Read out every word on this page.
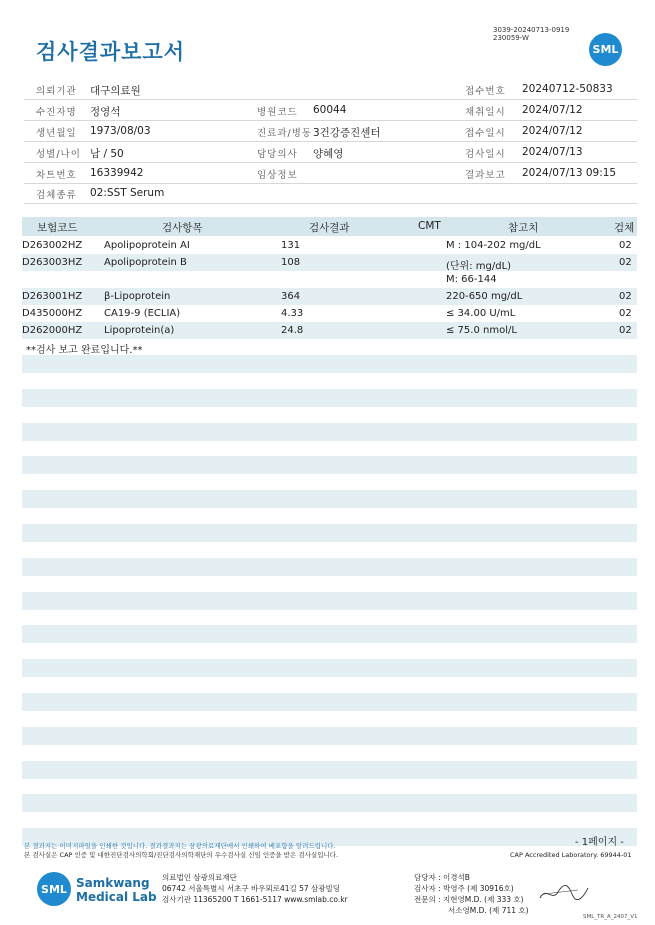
검사결과보고서
3039-20240713-0919
230059-W
SML
의뢰기관 대구의료원	접수번호 20240712-50833
수진자명 정영석	병원코드 60044	채취일시 2024/07/12
생년월일 1973/08/03	진료과/병동 3건강증진센터	접수일시 2024/07/12
성별/나이 남 / 50	담당의사 양혜영	검사일시 2024/07/13
차트번호 16339942	임상정보	결과보고 2024/07/13 09:15
검체종류 02:SST Serum
보험코드	검사항목	검사결과	CMT	참고치	검체
D263002HZ Apolipoprotein AⅠ	131	M : 104-202 mg/dL	02
D263003HZ Apolipoprotein B	108	(단위: mg/dL)	02
M: 66-144
D263001HZ β-Lipoprotein	364	220-650 mg/dL	02
D435000HZ CA19-9 (ECLIA)	4.33	≤ 34.00 U/mL	02
D262000HZ Lipoprotein(a)	24.8	≤ 75.0 nmol/L	02
**검사 보고 완료입니다.**
- 1페이지 -
본 결과지는 이미지파일을 인쇄한 것입니다. 결과결과지는 삼광의료재단에서 인쇄하여 배포함을 알려드립니다.
본 검사실은 CAP 인증 및 대한진단검사의학회/진단검사의학재단의 우수검사실 신임 인증을 받은 검사실입니다.	CAP Accredited Laboratory. 69944-01
SML Samkwang
Medical Lab
의료법인 삼광의료재단
06742 서울특별시 서초구 바우뫼로41길 57 삼광빌딩
검사기관 11365200 T 1661-5117 www.smlab.co.kr
담당자 : 이경석B
검사자 : 박영주 (제 30916호)
전문의 : 지현영M.D. (제 333 호)
서소영M.D. (제 711 호)
SML_TR_A_2407_V1
